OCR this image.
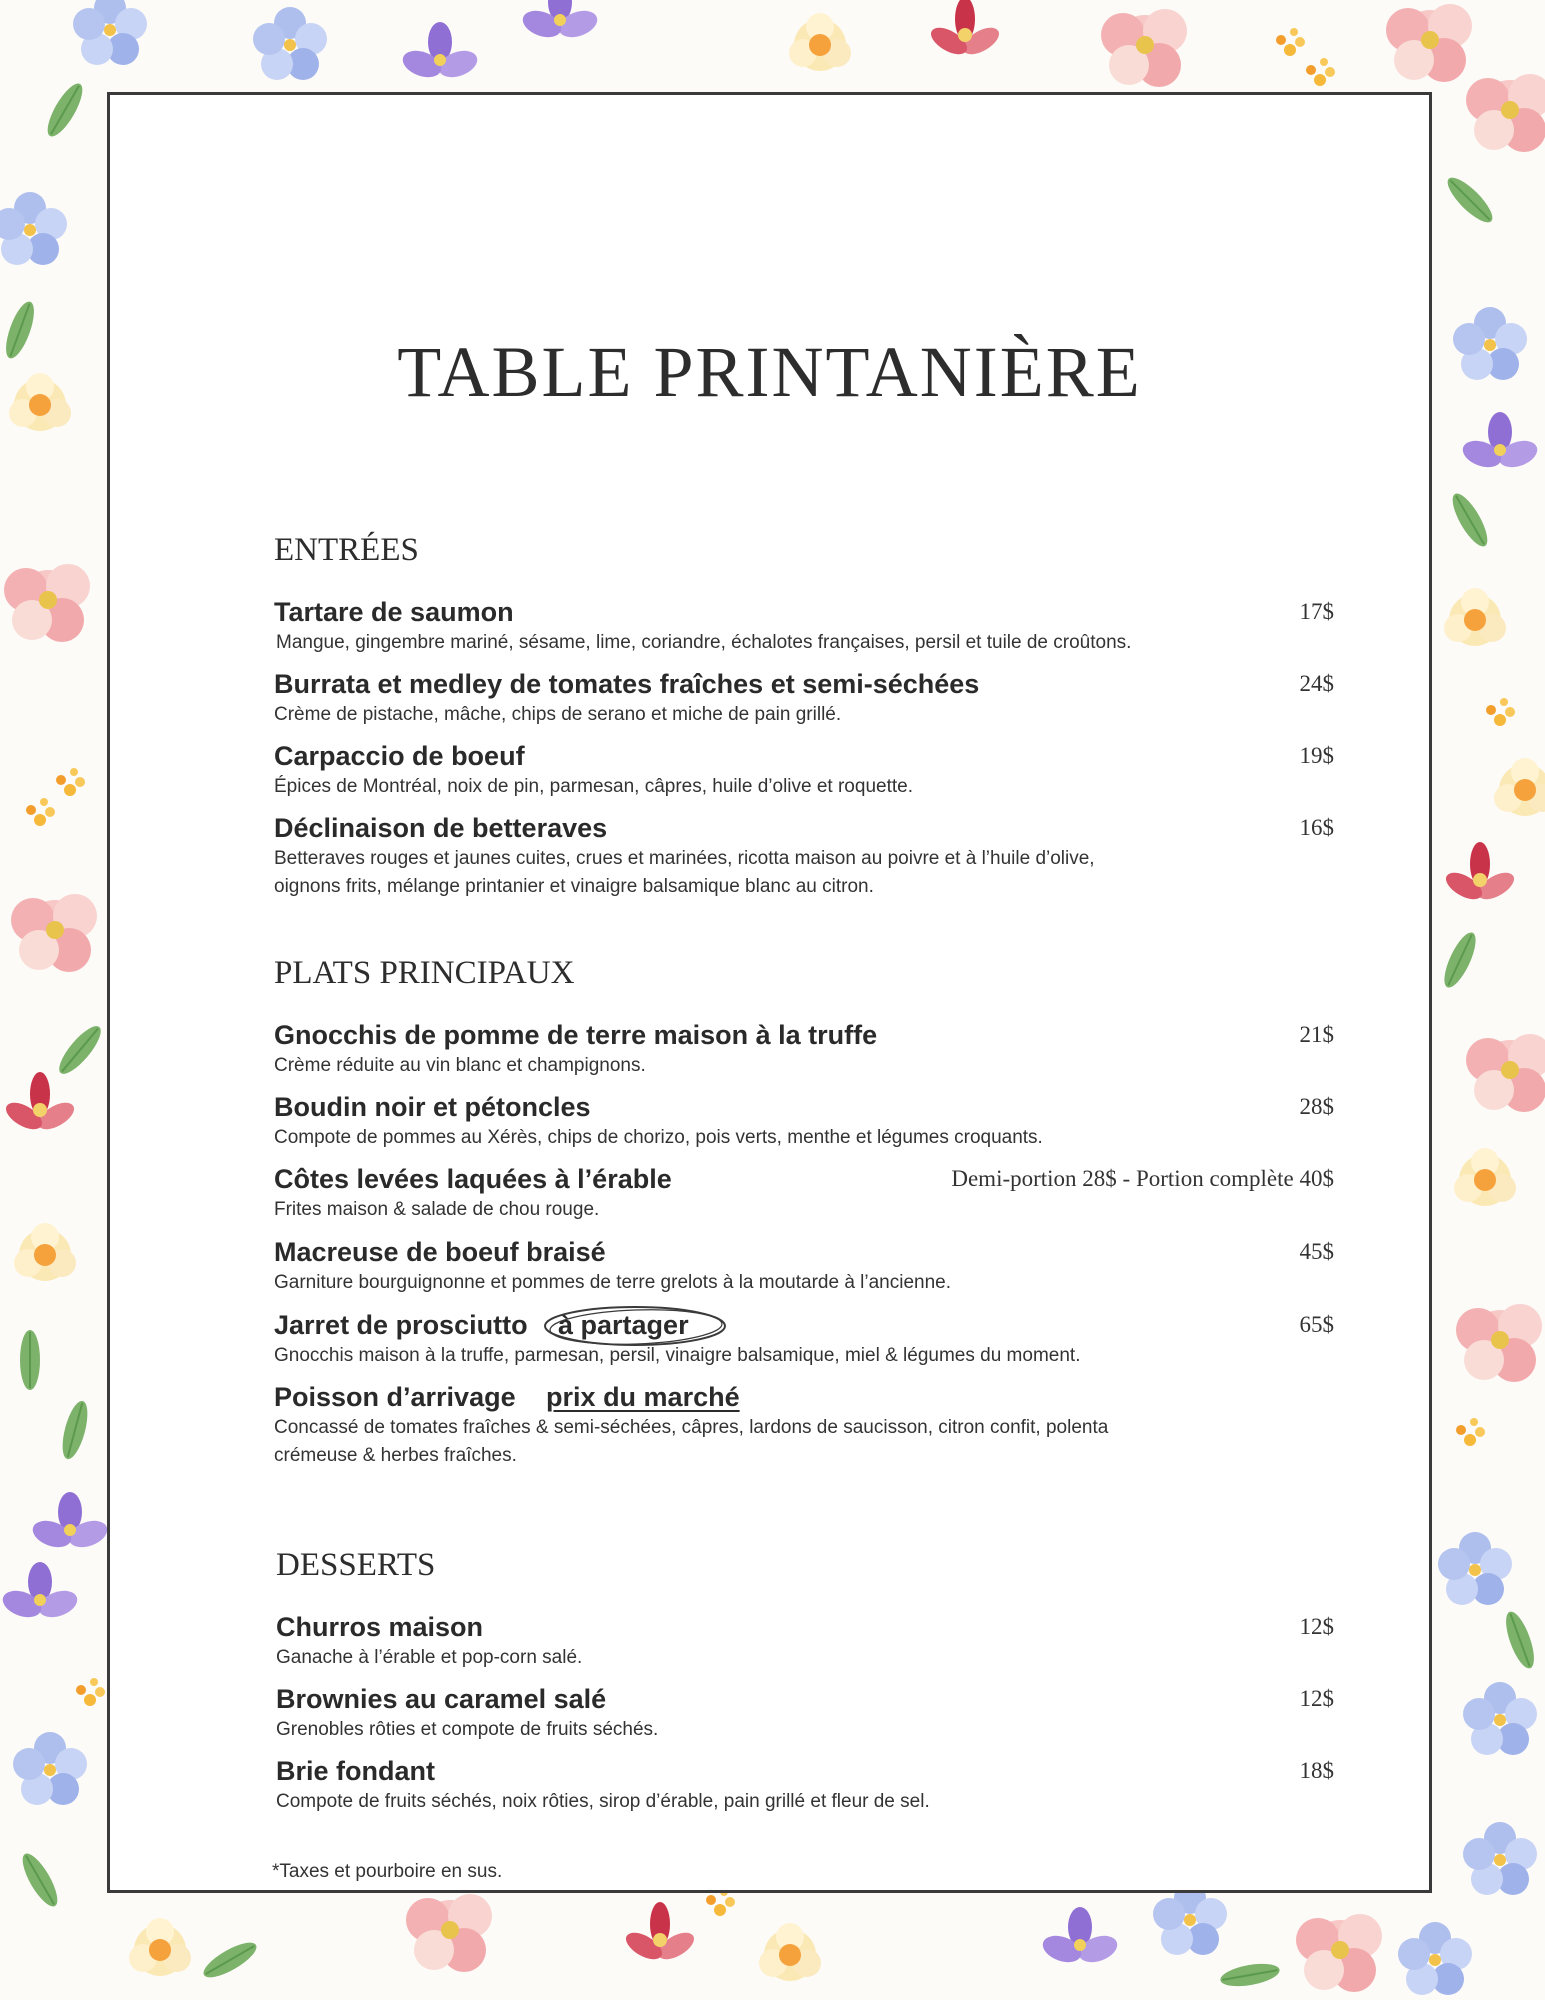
TABLE PRINTANIÈRE
ENTRÉES
Tartare de saumon	17$
Mangue, gingembre mariné, sésame, lime, coriandre, échalotes françaises, persil et tuile de croûtons.
Burrata et medley de tomates fraîches et semi-séchées	24$
Crème de pistache, mâche, chips de serano et miche de pain grillé.
Carpaccio de boeuf	19$
Épices de Montréal, noix de pin, parmesan, câpres, huile d’olive et roquette.
Déclinaison de betteraves	16$
Betteraves rouges et jaunes cuites, crues et marinées, ricotta maison au poivre et à l’huile d’olive, oignons frits, mélange printanier et vinaigre balsamique blanc au citron.
PLATS PRINCIPAUX
Gnocchis de pomme de terre maison à la truffe	21$
Crème réduite au vin blanc et champignons.
Boudin noir et pétoncles	28$
Compote de pommes au Xérès, chips de chorizo, pois verts, menthe et légumes croquants.
Côtes levées laquées à l’érable	Demi-portion 28$ - Portion complète 40$
Frites maison & salade de chou rouge.
Macreuse de boeuf braisé	45$
Garniture bourguignonne et pommes de terre grelots à la moutarde à l’ancienne.
Jarret de prosciutto à partager	65$
Gnocchis maison à la truffe, parmesan, persil, vinaigre balsamique, miel & légumes du moment.
Poisson d’arrivage prix du marché
Concassé de tomates fraîches & semi-séchées, câpres, lardons de saucisson, citron confit, polenta crémeuse & herbes fraîches.
DESSERTS
Churros maison	12$
Ganache à l’érable et pop-corn salé.
Brownies au caramel salé	12$
Grenobles rôties et compote de fruits séchés.
Brie fondant	18$
Compote de fruits séchés, noix rôties, sirop d’érable, pain grillé et fleur de sel.
*Taxes et pourboire en sus.
